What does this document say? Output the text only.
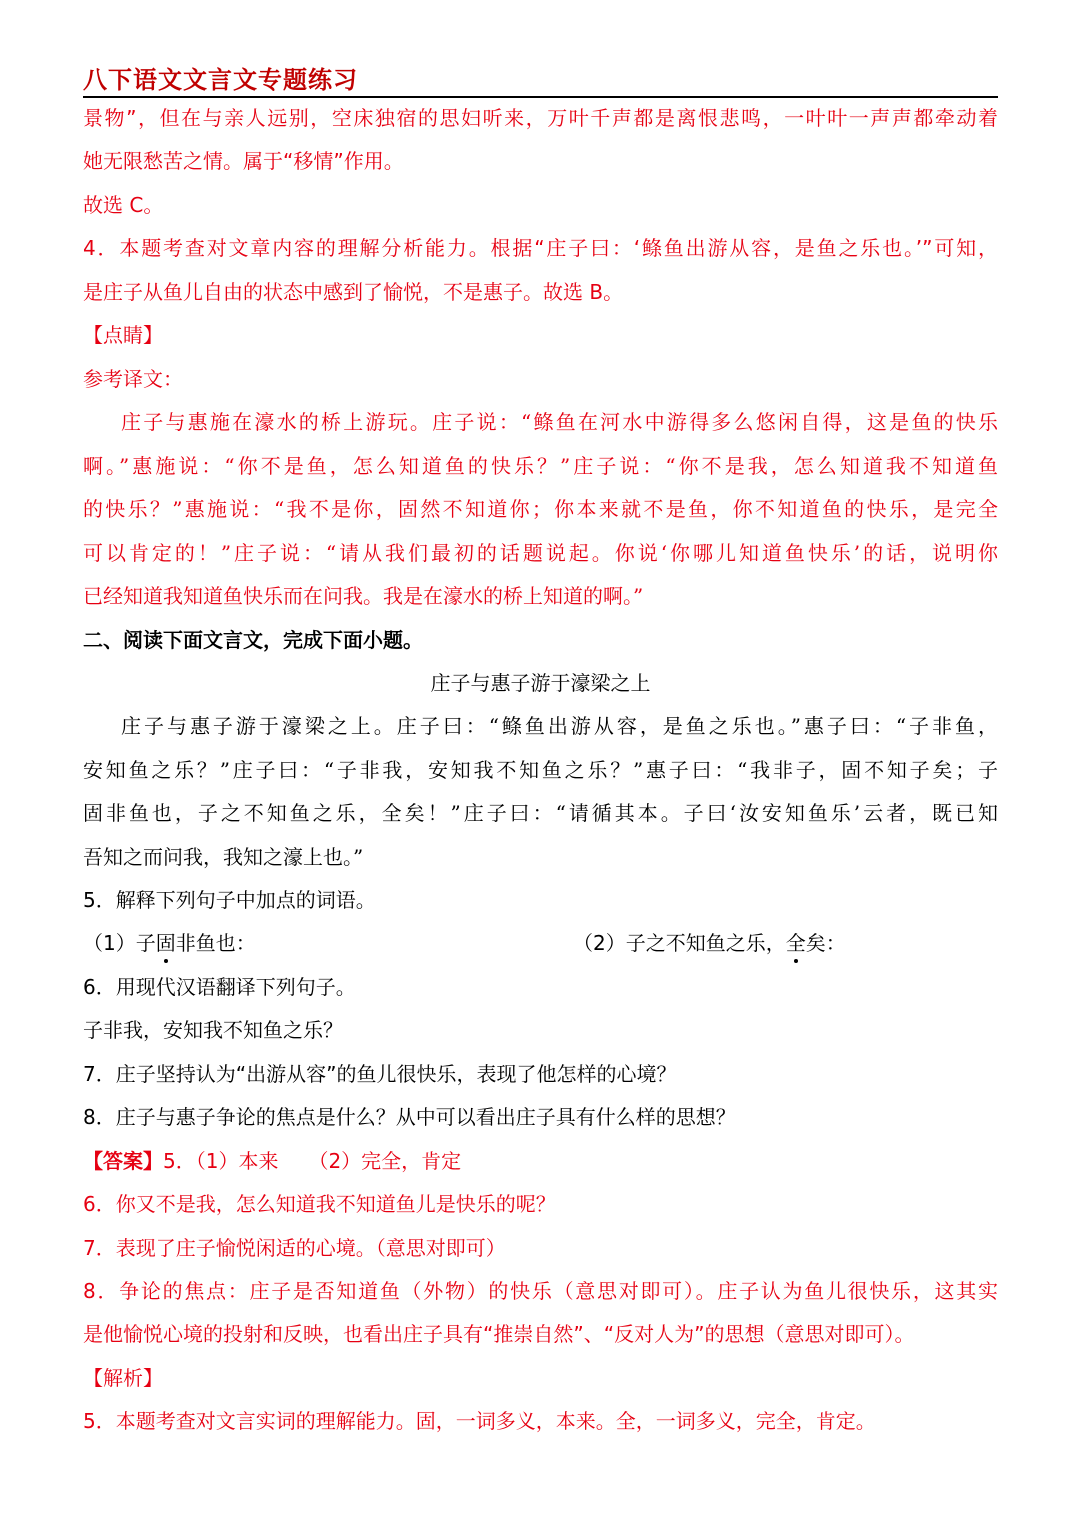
八下语文文言文专题练习
景物”，但在与亲人远别，空床独宿的思妇听来，万叶千声都是离恨悲鸣，一叶叶一声声都牵动着
她无限愁苦之情。属于“移情”作用。
故选 C。
4．本题考查对文章内容的理解分析能力。根据“庄子曰：‘鲦鱼出游从容，是鱼之乐也。’”可知，
是庄子从鱼儿自由的状态中感到了愉悦，不是惠子。故选 B。
【点睛】
参考译文：
庄子与惠施在濠水的桥上游玩。庄子说：“鲦鱼在河水中游得多么悠闲自得，这是鱼的快乐
啊。”惠施说：“你不是鱼，怎么知道鱼的快乐？”庄子说：“你不是我，怎么知道我不知道鱼
的快乐？”惠施说：“我不是你，固然不知道你；你本来就不是鱼，你不知道鱼的快乐，是完全
可以肯定的！”庄子说：“请从我们最初的话题说起。你说‘你哪儿知道鱼快乐’的话，说明你
已经知道我知道鱼快乐而在问我。我是在濠水的桥上知道的啊。”
二、阅读下面文言文，完成下面小题。
庄子与惠子游于濠梁之上
庄子与惠子游于濠梁之上。庄子曰：“鲦鱼出游从容，是鱼之乐也。”惠子曰：“子非鱼，
安知鱼之乐？”庄子曰：“子非我，安知我不知鱼之乐？”惠子曰：“我非子，固不知子矣；子
固非鱼也，子之不知鱼之乐，全矣！”庄子曰：“请循其本。子曰‘汝安知鱼乐’云者，既已知
吾知之而问我，我知之濠上也。”
5．解释下列句子中加点的词语。
（1）子固非鱼也：	（2）子之不知鱼之乐，全矣：
6．用现代汉语翻译下列句子。
子非我，安知我不知鱼之乐？
7．庄子坚持认为“出游从容”的鱼儿很快乐，表现了他怎样的心境？
8．庄子与惠子争论的焦点是什么？从中可以看出庄子具有什么样的思想？
【答案】5．（1）本来　　（2）完全，肯定
6．你又不是我，怎么知道我不知道鱼儿是快乐的呢？
7．表现了庄子愉悦闲适的心境。（意思对即可）
8．争论的焦点：庄子是否知道鱼（外物）的快乐（意思对即可）。庄子认为鱼儿很快乐，这其实
是他愉悦心境的投射和反映，也看出庄子具有“推崇自然”、“反对人为”的思想（意思对即可）。
【解析】
5．本题考查对文言实词的理解能力。固，一词多义，本来。全，一词多义，完全，肯定。
